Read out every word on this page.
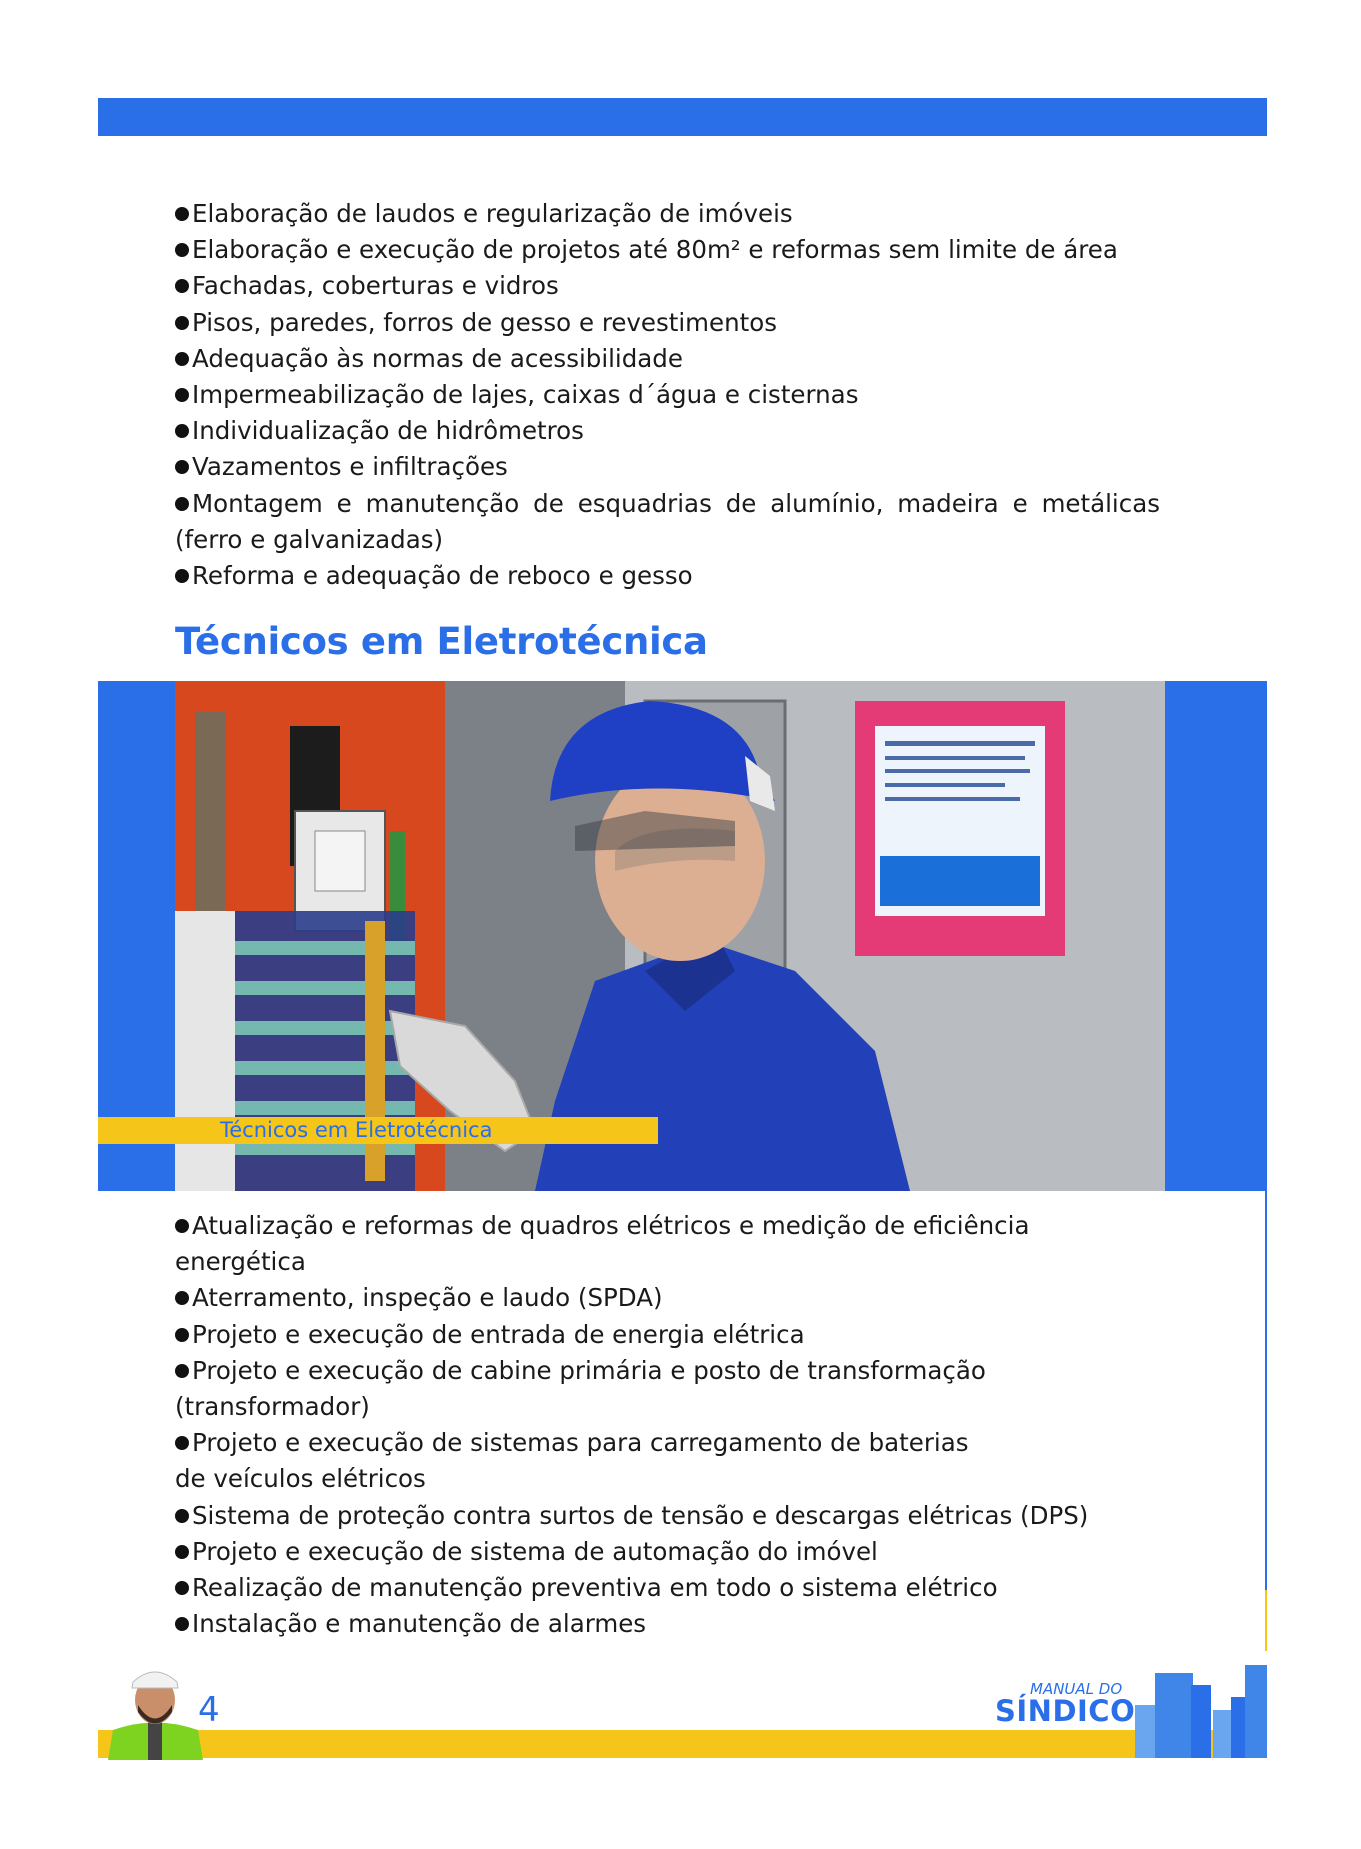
Elaboração de laudos e regularização de imóveis
Elaboração e execução de projetos até 80m² e reformas sem limite de área
Fachadas, coberturas e vidros
Pisos, paredes, forros de gesso e revestimentos
Adequação às normas de acessibilidade
Impermeabilização de lajes, caixas d´água e cisternas
Individualização de hidrômetros
Vazamentos e infiltrações
Montagem e manutenção de esquadrias de alumínio, madeira e metálicas (ferro e galvanizadas)
Reforma e adequação de reboco e gesso
Técnicos em Eletrotécnica
Técnicos em Eletrotécnica
Atualização e reformas de quadros elétricos e medição de eficiência energética
Aterramento, inspeção e laudo (SPDA)
Projeto e execução de entrada de energia elétrica
Projeto e execução de cabine primária e posto de transformação (transformador)
Projeto e execução de sistemas para carregamento de baterias
de veículos elétricos
Sistema de proteção contra surtos de tensão e descargas elétricas (DPS)
Projeto e execução de sistema de automação do imóvel
Realização de manutenção preventiva em todo o sistema elétrico
Instalação e manutenção de alarmes
4
MANUAL DO
SÍNDICO
